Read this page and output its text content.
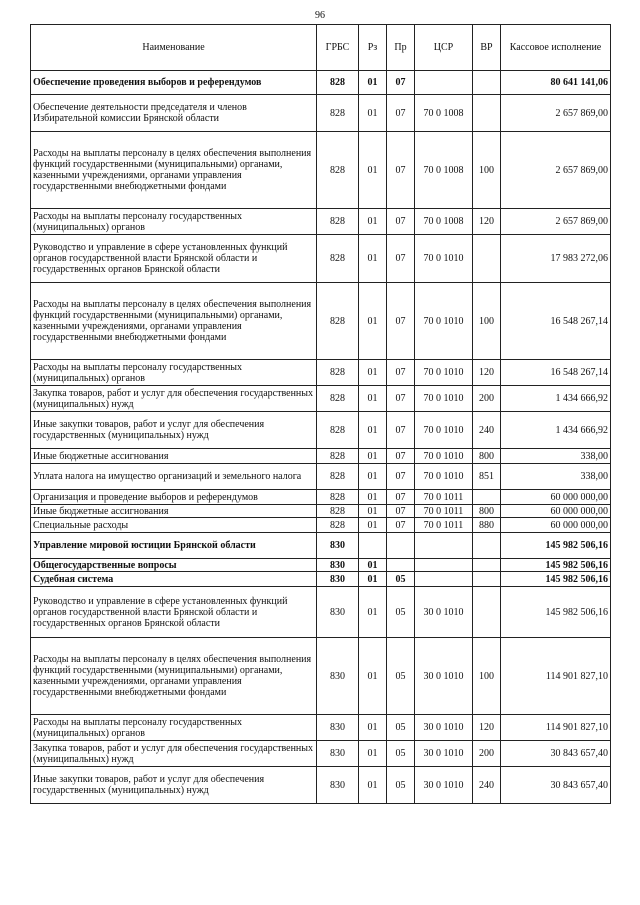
96
Наименование	ГРБС	Рз	Пр	ЦСР	ВР	Кассовое исполнение
Обеспечение проведения выборов и референдумов	828	01	07			80 641 141,06
Обеспечение деятельности председателя и членов Избирательной комиссии Брянской области	828	01	07	70 0 1008		2 657 869,00
Расходы на выплаты персоналу в целях обеспечения выполнения функций государственными (муниципальными) органами, казенными учреждениями, органами управления государственными внебюджетными фондами	828	01	07	70 0 1008	100	2 657 869,00
Расходы на выплаты персоналу государственных (муниципальных) органов	828	01	07	70 0 1008	120	2 657 869,00
Руководство и управление в сфере установленных функций органов государственной власти Брянской области и государственных органов Брянской области	828	01	07	70 0 1010		17 983 272,06
Расходы на выплаты персоналу в целях обеспечения выполнения функций государственными (муниципальными) органами, казенными учреждениями, органами управления государственными внебюджетными фондами	828	01	07	70 0 1010	100	16 548 267,14
Расходы на выплаты персоналу государственных (муниципальных) органов	828	01	07	70 0 1010	120	16 548 267,14
Закупка товаров, работ и услуг для обеспечения государственных (муниципальных) нужд	828	01	07	70 0 1010	200	1 434 666,92
Иные закупки товаров, работ и услуг для обеспечения государственных (муниципальных) нужд	828	01	07	70 0 1010	240	1 434 666,92
Иные бюджетные ассигнования	828	01	07	70 0 1010	800	338,00
Уплата налога на имущество организаций и земельного налога	828	01	07	70 0 1010	851	338,00
Организация и проведение выборов и референдумов	828	01	07	70 0 1011		60 000 000,00
Иные бюджетные ассигнования	828	01	07	70 0 1011	800	60 000 000,00
Специальные расходы	828	01	07	70 0 1011	880	60 000 000,00
Управление мировой юстиции Брянской области	830					145 982 506,16
Общегосударственные вопросы	830	01				145 982 506,16
Судебная система	830	01	05			145 982 506,16
Руководство и управление в сфере установленных функций органов государственной власти Брянской области и государственных органов Брянской области	830	01	05	30 0 1010		145 982 506,16
Расходы на выплаты персоналу в целях обеспечения выполнения функций государственными (муниципальными) органами, казенными учреждениями, органами управления государственными внебюджетными фондами	830	01	05	30 0 1010	100	114 901 827,10
Расходы на выплаты персоналу государственных (муниципальных) органов	830	01	05	30 0 1010	120	114 901 827,10
Закупка товаров, работ и услуг для обеспечения государственных (муниципальных) нужд	830	01	05	30 0 1010	200	30 843 657,40
Иные закупки товаров, работ и услуг для обеспечения государственных (муниципальных) нужд	830	01	05	30 0 1010	240	30 843 657,40
